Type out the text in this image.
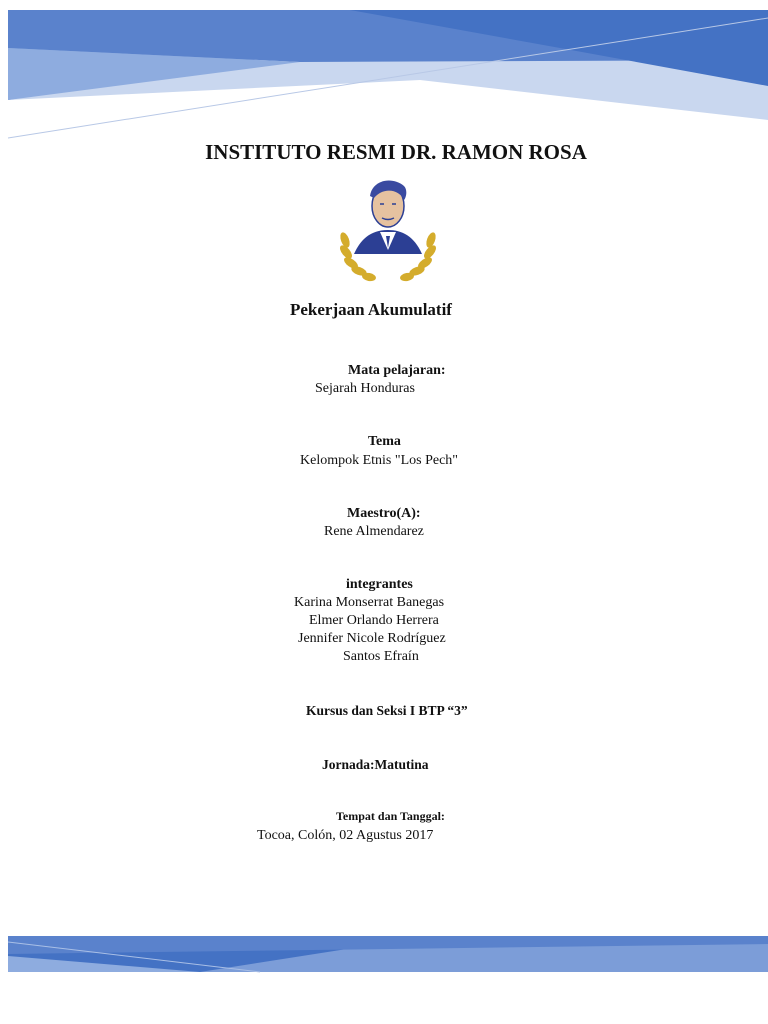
INSTITUTO RESMI DR. RAMON ROSA
Pekerjaan Akumulatif
Mata pelajaran:
Sejarah Honduras
Tema
Kelompok Etnis "Los Pech"
Maestro(A):
Rene Almendarez
integrantes
Karina Monserrat Banegas
Elmer Orlando Herrera
Jennifer Nicole Rodríguez
Santos Efraín
Kursus dan Seksi I BTP “3”
Jornada:Matutina
Tempat dan Tanggal:
Tocoa, Colón, 02 Agustus 2017
